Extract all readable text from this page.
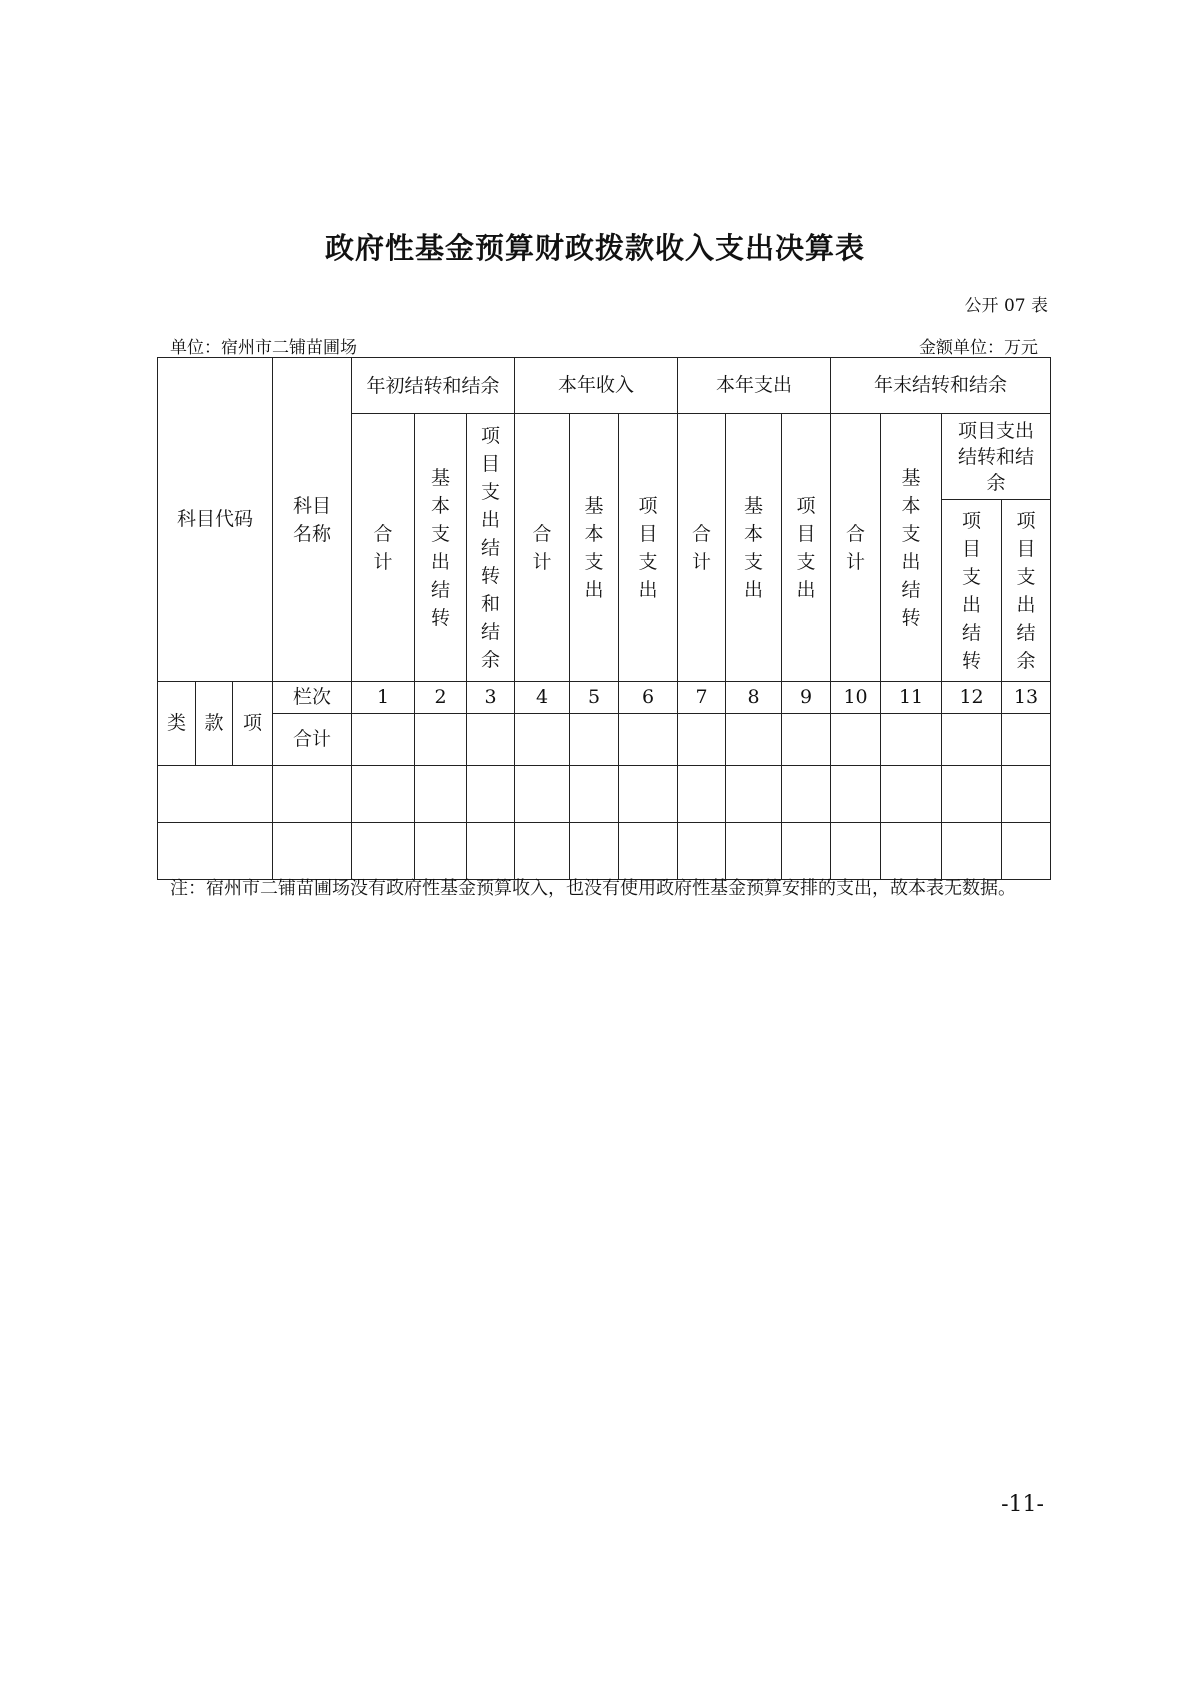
政府性基金预算财政拨款收入支出决算表
公开 07 表
单位：宿州市二铺苗圃场	金额单位：万元
科目代码			科目名称	年初结转和结余			本年收入			本年支出			年末结转和结余			

				合计	基本支出结转	项目支出结转和结余	合计	基本支出	项目支出	合计	基本支出	项目支出	合计	基本支出结转	项目支出结转和结余	

															项目支出结转	项目支出结余

类	款	项	栏次	1	2	3	4	5	6	7	8	9	10	11	12	13
			合计													

注：宿州市二铺苗圃场没有政府性基金预算收入，也没有使用政府性基金预算安排的支出，故本表无数据。
-11-
